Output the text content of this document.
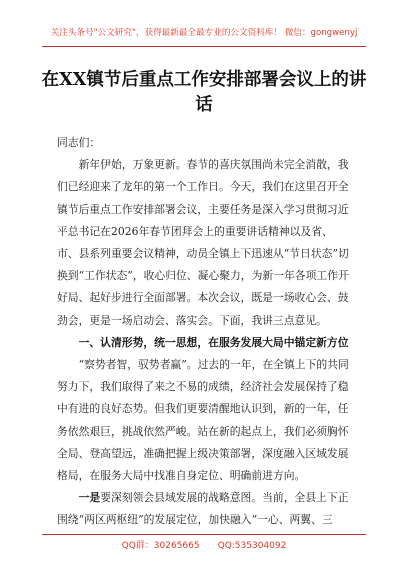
关注头条号"公文研究"，获得最新最全最专业的公文资料库！ 微信：gongwenyj
在XX镇节后重点工作安排部署会议上的讲话

同志们：

新年伊始，万象更新。春节的喜庆氛围尚未完全消散，我们已经迎来了龙年的第一个工作日。今天，我们在这里召开全镇节后重点工作安排部署会议，主要任务是深入学习贯彻习近平总书记在2026年春节团拜会上的重要讲话精神以及省、市、县系列重要会议精神，动员全镇上下迅速从“节日状态”切换到“工作状态”，收心归位、凝心聚力，为新一年各项工作开好局、起好步进行全面部署。本次会议，既是一场收心会、鼓劲会，更是一场启动会、落实会。下面，我讲三点意见。

一、认清形势，统一思想，在服务发展大局中锚定新方位

“察势者智，驭势者赢”。过去的一年，在全镇上下的共同努力下，我们取得了来之不易的成绩，经济社会发展保持了稳中有进的良好态势。但我们更要清醒地认识到，新的一年，任务依然艰巨，挑战依然严峻。站在新的起点上，我们必须胸怀全局、登高望远，准确把握上级决策部署，深度融入区域发展格局，在服务大局中找准自身定位、明确前进方向。

一是要深刻领会县域发展的战略意图。当前，全县上下正围绕“两区两枢纽”的发展定位，加快融入“一心、两翼、三

QQ群：30265665 QQ:535304092
